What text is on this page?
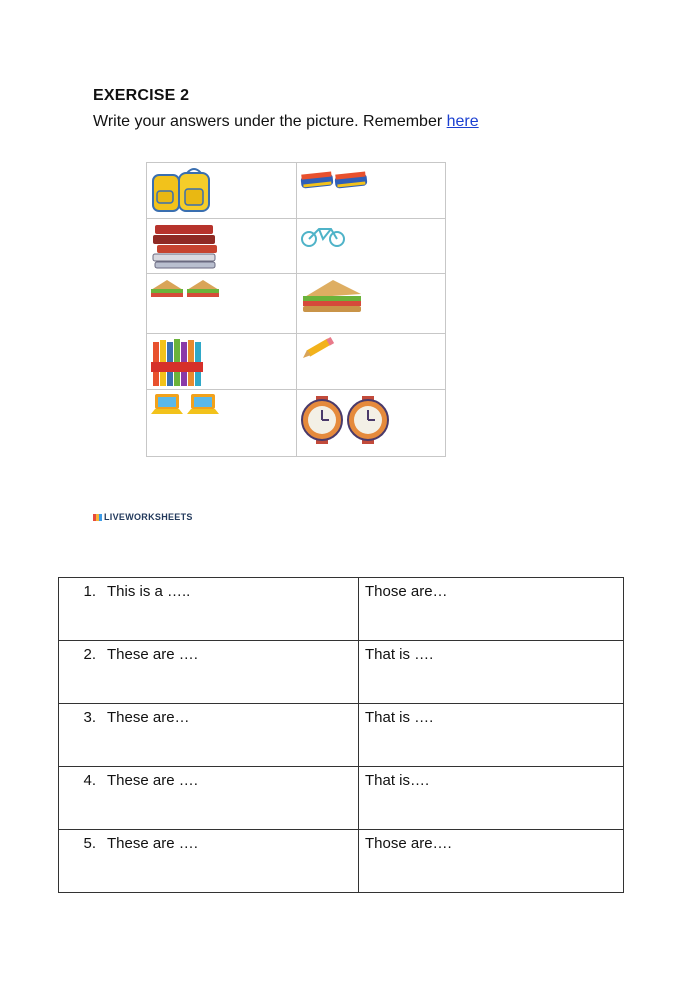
EXERCISE 2
Write your answers under the picture. Remember here

LIVEWORKSHEETS
1. This is a …..	Those are…
2. These are ….	That is ….
3. These are…	That is ….
4. These are ….	That is….
5. These are ….	Those are….
